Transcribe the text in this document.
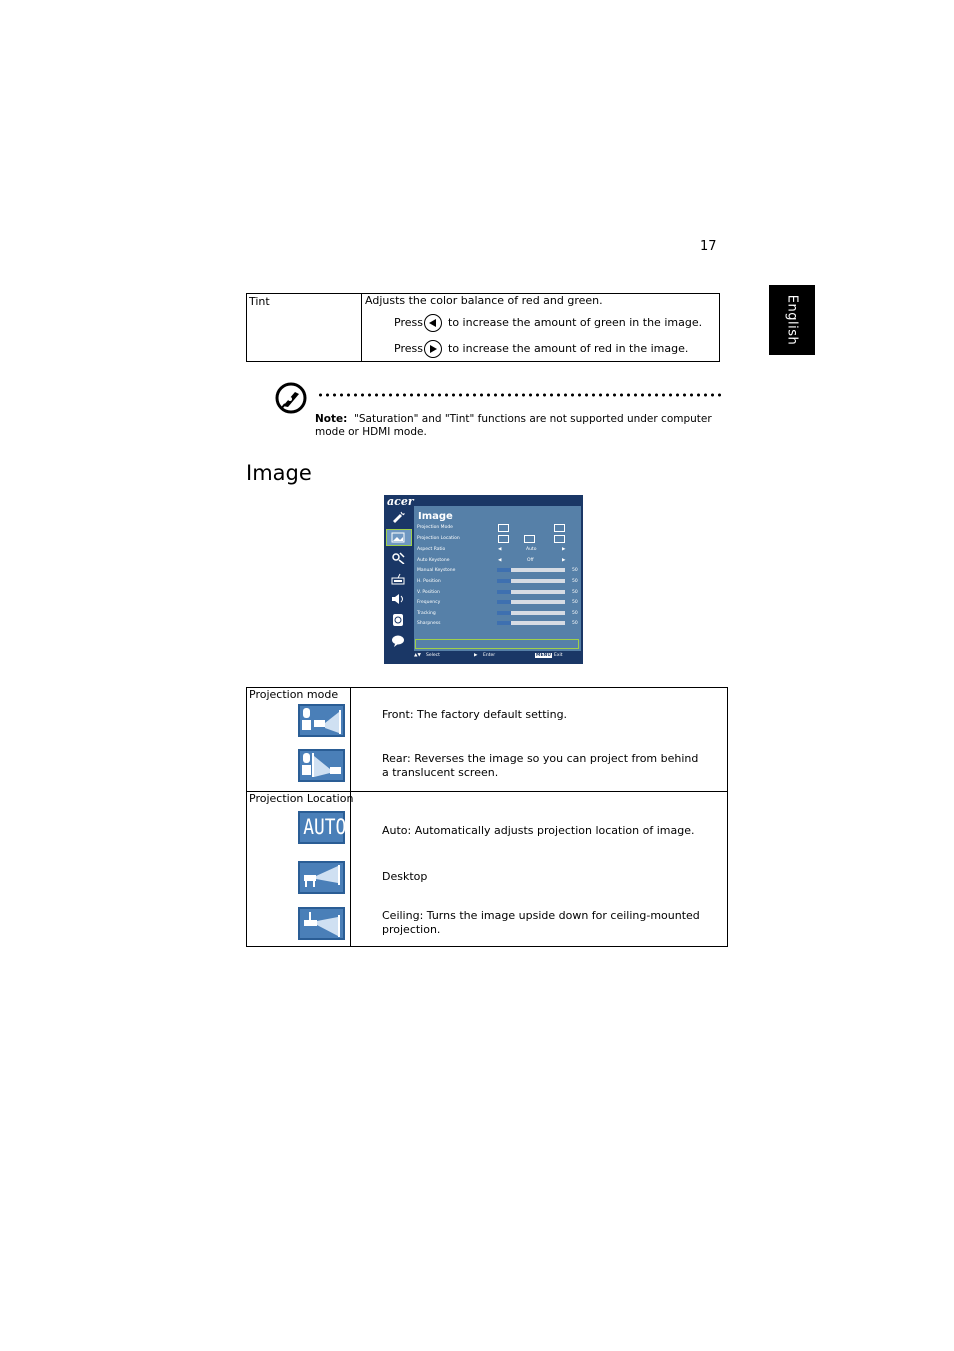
17
English
Tint	Adjusts the color balance of red and green.
Press to increase the amount of green in the image.
Press to increase the amount of red in the image.
Note: "Saturation" and "Tint" functions are not supported under computer mode or HDMI mode.
Image
acer
Image
Projection Mode
Projection Location
Aspect Ratio	◀	Auto	▶
Auto Keystone	◀	Off	▶
Manual Keystone	50
H. Position	50
V. Position	50
Frequency	50
Tracking	50
Sharpness	50
▲▼ Select	▶ Enter	MENU Exit
Projection mode
Front: The factory default setting.
Rear: Reverses the image so you can project from behind a translucent screen.
Projection Location
AUTO	Auto: Automatically adjusts projection location of image.
Desktop
Ceiling: Turns the image upside down for ceiling-mounted projection.
